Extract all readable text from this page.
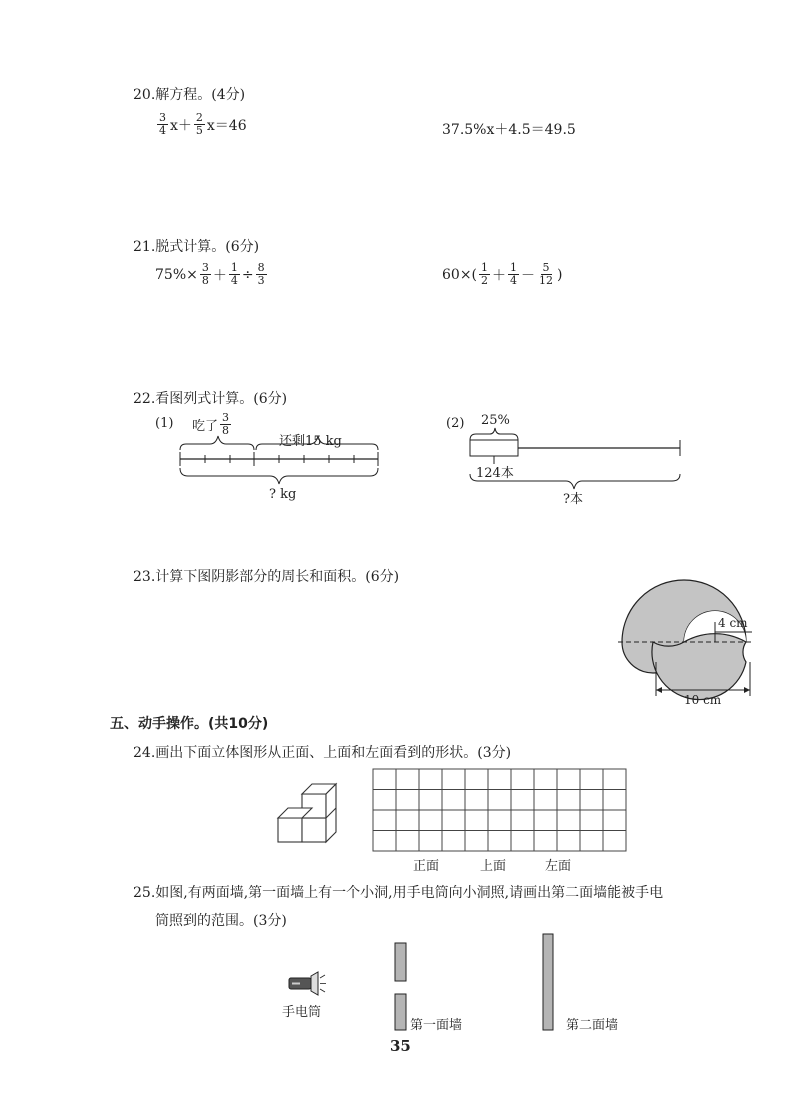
20.解方程。(4分)
$\frac{3}{4} x+ \frac{2}{5} x=46$	37.5%x＋4.5＝49.5
21.脱式计算。(6分)
$75\%\times \frac{3}{8} + \frac{1}{4} \div \frac{8}{3}$	$60\times( \frac{1}{2} + \frac{1}{4} - \frac{5}{12}$ )
22.看图列式计算。(6分)
(1) 吃了 $\frac{3}{8}$
还剩15 kg
? kg
(2) 25%
124本
?本
23.计算下图阴影部分的周长和面积。(6分)
4 cm
10 cm
五、动手操作。(共10分)
24.画出下面立体图形从正面、上面和左面看到的形状。(3分)
正面	上面	左面
25.如图,有两面墙,第一面墙上有一个小洞,用手电筒向小洞照,请画出第二面墙能被手电
筒照到的范围。(3分)
手电筒
第一面墙	第二面墙
35
